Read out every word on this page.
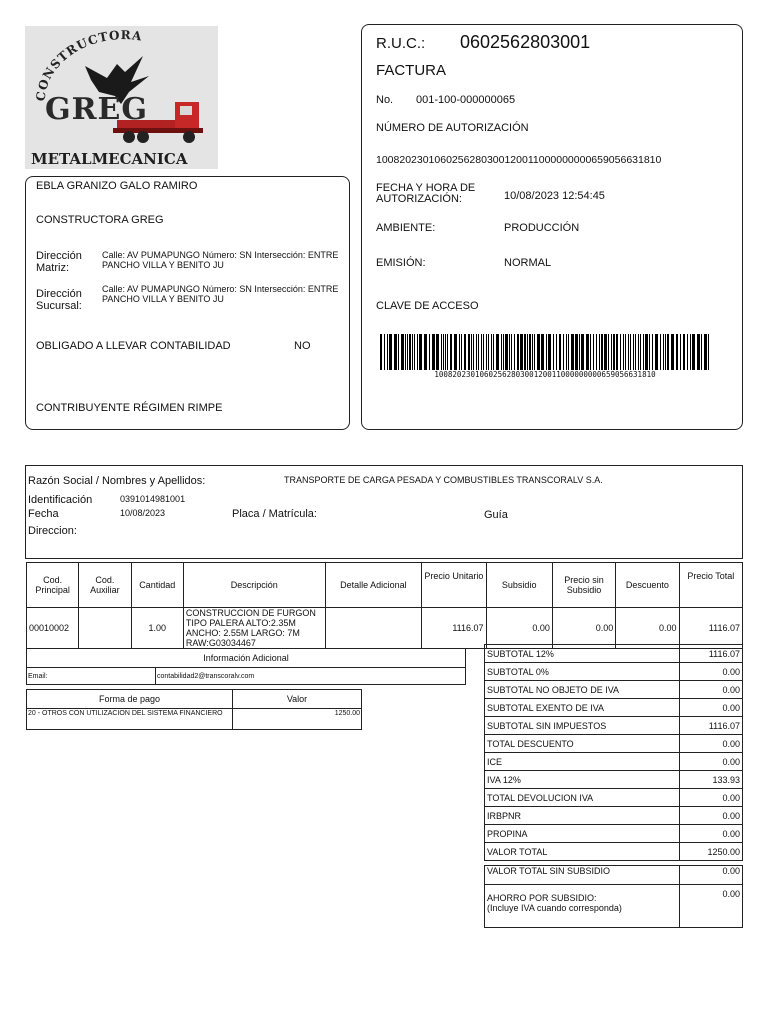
CONSTRUCTORA
GREG
METALMECANICA
R.U.C.: 0602562803001
FACTURA
No. 001-100-000000065
NÚMERO DE AUTORIZACIÓN
1008202301060256280300120011000000000659056631810
FECHA Y HORA DE AUTORIZACIÓN:	10/08/2023 12:54:45
AMBIENTE:	PRODUCCIÓN
EMISIÓN:	NORMAL
CLAVE DE ACCESO
1008202301060256280300120011000000000659056631810
EBLA GRANIZO GALO RAMIRO
CONSTRUCTORA GREG
Dirección Matriz:
Calle: AV PUMAPUNGO Número: SN Intersección: ENTRE PANCHO VILLA Y BENITO JU
Dirección Sucursal:
Calle: AV PUMAPUNGO Número: SN Intersección: ENTRE PANCHO VILLA Y BENITO JU
OBLIGADO A LLEVAR CONTABILIDAD	NO
CONTRIBUYENTE RÉGIMEN RIMPE
Razón Social / Nombres y Apellidos:	TRANSPORTE DE CARGA PESADA Y COMBUSTIBLES TRANSCORALV S.A.
Identificación	0391014981001
Fecha	10/08/2023	Placa / Matrícula:	Guía
Direccion:
Cod. Principal	Cod. Auxiliar	Cantidad	Descripción	Detalle Adicional	Precio Unitario	Subsidio	Precio sin Subsidio	Descuento	Precio Total
00010002		1.00	CONSTRUCCION DE FURGON TIPO PALERA ALTO:2.35M ANCHO: 2.55M LARGO: 7M RAW:G03034467		1116.07	0.00	0.00	0.00	1116.07
Información Adicional
Email:	contabilidad2@transcoralv.com
Forma de pago	Valor
20 - OTROS CON UTILIZACION DEL SISTEMA FINANCIERO	1250.00
SUBTOTAL 12%	1116.07
SUBTOTAL 0%	0.00
SUBTOTAL NO OBJETO DE IVA	0.00
SUBTOTAL EXENTO DE IVA	0.00
SUBTOTAL SIN IMPUESTOS	1116.07
TOTAL DESCUENTO	0.00
ICE	0.00
IVA 12%	133.93
TOTAL DEVOLUCION IVA	0.00
IRBPNR	0.00
PROPINA	0.00
VALOR TOTAL	1250.00
VALOR TOTAL SIN SUBSIDIO	0.00

AHORRO POR SUBSIDIO:
(Incluye IVA cuando corresponda)	0.00
